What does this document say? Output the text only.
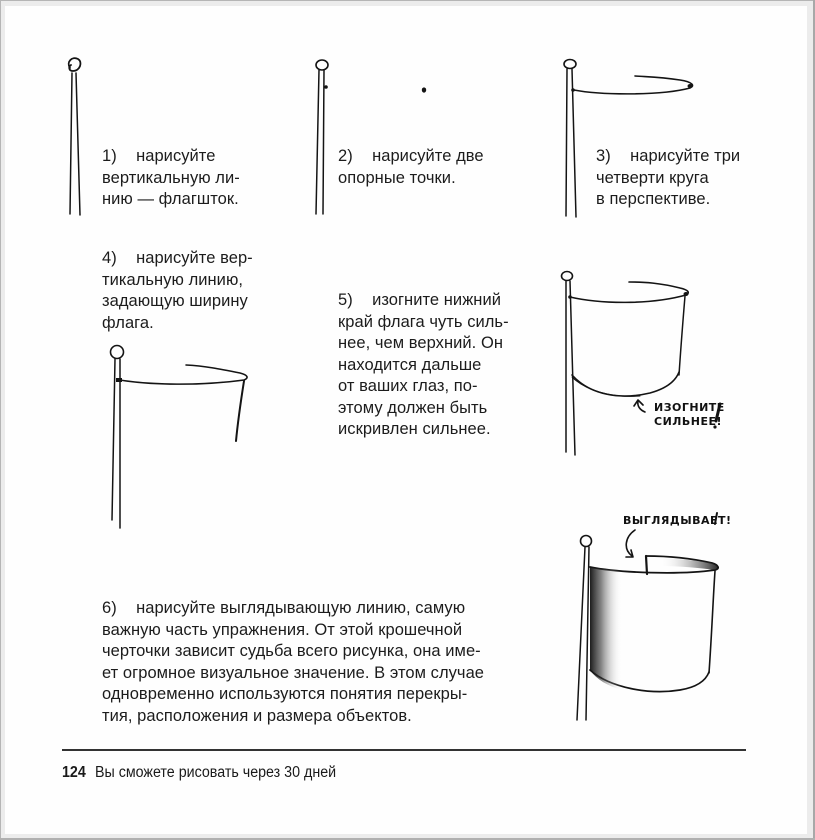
1) нарисуйте
вертикальную ли-
нию — флагшток.
2) нарисуйте две
опорные точки.
3) нарисуйте три
четверти круга
в перспективе.
4) нарисуйте вер-
тикальную линию,
задающую ширину
флага.
5) изогните нижний
край флага чуть силь-
нее, чем верхний. Он
находится дальше
от ваших глаз, по-
этому должен быть
искривлен сильнее.
6) нарисуйте выглядывающую линию, самую
важную часть упражнения. От этой крошечной
черточки зависит судьба всего рисунка, она име-
ет огромное визуальное значение. В этом случае
одновременно используются понятия перекры-
тия, расположения и размера объектов.
ИЗОГНИТЕ
СИЛЬНЕЕ!
ВЫГЛЯДЫВАЕТ!
124 Вы сможете рисовать через 30 дней
